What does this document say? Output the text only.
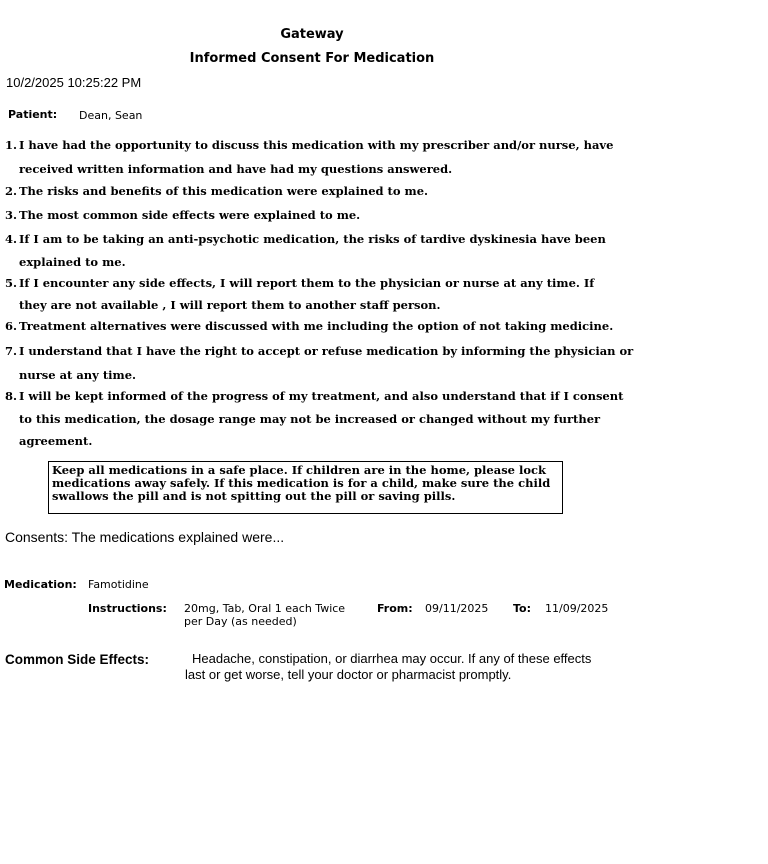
Gateway
Informed Consent For Medication
10/2/2025 10:25:22 PM
Patient: Dean, Sean
1. I have had the opportunity to discuss this medication with my prescriber and/or nurse, have
received written information and have had my questions answered.
2. The risks and benefits of this medication were explained to me.
3. The most common side effects were explained to me.
4. If I am to be taking an anti-psychotic medication, the risks of tardive dyskinesia have been
explained to me.
5. If I encounter any side effects, I will report them to the physician or nurse at any time. If
they are not available , I will report them to another staff person.
6. Treatment alternatives were discussed with me including the option of not taking medicine.
7. I understand that I have the right to accept or refuse medication by informing the physician or
nurse at any time.
8. I will be kept informed of the progress of my treatment, and also understand that if I consent
to this medication, the dosage range may not be increased or changed without my further
agreement.
Keep all medications in a safe place. If children are in the home, please lock
medications away safely. If this medication is for a child, make sure the child
swallows the pill and is not spitting out the pill or saving pills.
Consents: The medications explained were...
Medication: Famotidine
Instructions: 20mg, Tab, Oral 1 each Twice
per Day (as needed)
From: 09/11/2025 To: 11/09/2025
Common Side Effects:	Headache, constipation, or diarrhea may occur. If any of these effects
last or get worse, tell your doctor or pharmacist promptly.
